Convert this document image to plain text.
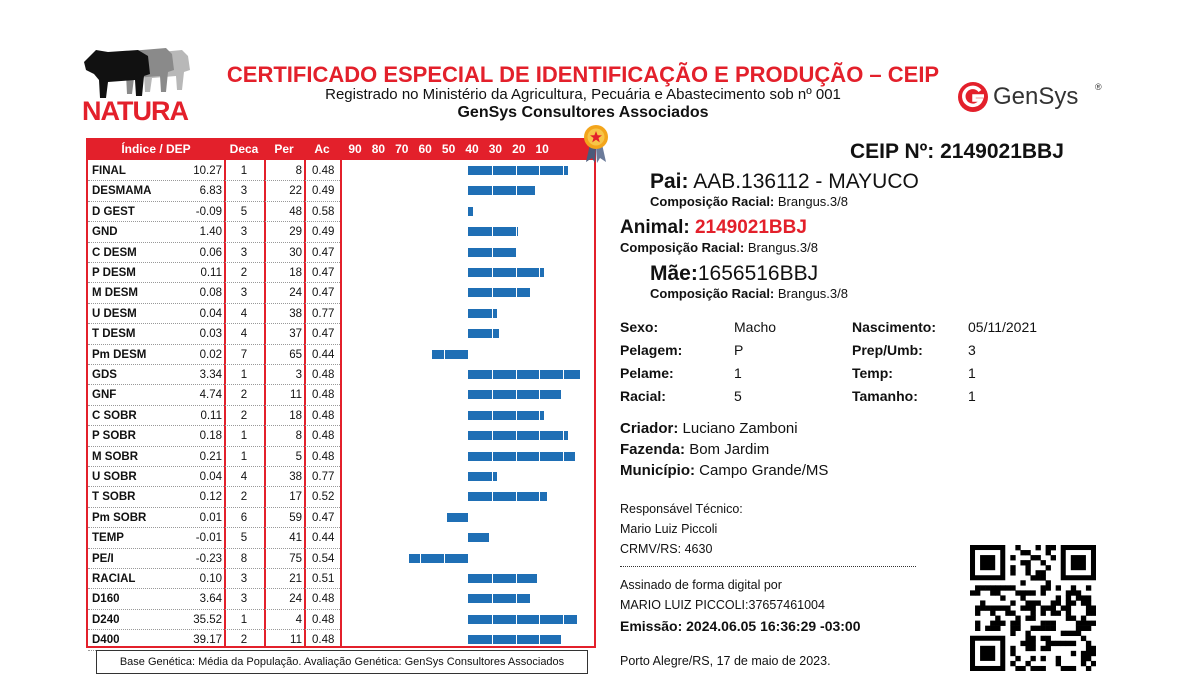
NATURA
CERTIFICADO ESPECIAL DE IDENTIFICAÇÃO E PRODUÇÃO – CEIP
Registrado no Ministério da Agricultura, Pecuária e Abastecimento sob nº 001
GenSys Consultores Associados
GenSys ®
Índice / DEP	Deca	Per	Ac	90 80 70 60 50 40 30 20 10
FINAL	10.27	1	8 0.48
DESMAMA	6.83	3	22 0.49
D GEST	-0.09	5	48 0.58
GND	1.40	3	29 0.49
C DESM	0.06	3	30 0.47
P DESM	0.11	2	18 0.47
M DESM	0.08	3	24 0.47
U DESM	0.04	4	38 0.77
T DESM	0.03	4	37 0.47
Pm DESM	0.02	7	65 0.44
GDS	3.34	1	3 0.48
GNF	4.74	2	11 0.48
C SOBR	0.11	2	18 0.48
P SOBR	0.18	1	8 0.48
M SOBR	0.21	1	5 0.48
U SOBR	0.04	4	38 0.77
T SOBR	0.12	2	17 0.52
Pm SOBR	0.01	6	59 0.47
TEMP	-0.01	5	41 0.44
PE/I	-0.23	8	75 0.54
RACIAL	0.10	3	21 0.51
D160	3.64	3	24 0.48
D240	35.52	1	4 0.48
D400	39.17	2	11 0.48
Base Genética: Média da População. Avaliação Genética: GenSys Consultores Associados
CEIP Nº: 2149021BBJ
Pai: AAB.136112 - MAYUCO
Composição Racial: Brangus.3/8
Animal: 2149021BBJ
Composição Racial: Brangus.3/8
Mãe:1656516BBJ
Composição Racial: Brangus.3/8
Sexo:	Macho
Pelagem:	P
Pelame:	1
Racial:	5
Nascimento: 05/11/2021
Prep/Umb:	3
Temp:	1
Tamanho:	1
Criador: Luciano Zamboni
Fazenda: Bom Jardim
Município: Campo Grande/MS
Responsável Técnico:
Mario Luiz Piccoli
CRMV/RS: 4630
Assinado de forma digital por
MARIO LUIZ PICCOLI:37657461004
Emissão: 2024.06.05 16:36:29 -03:00
Porto Alegre/RS, 17 de maio de 2023.
